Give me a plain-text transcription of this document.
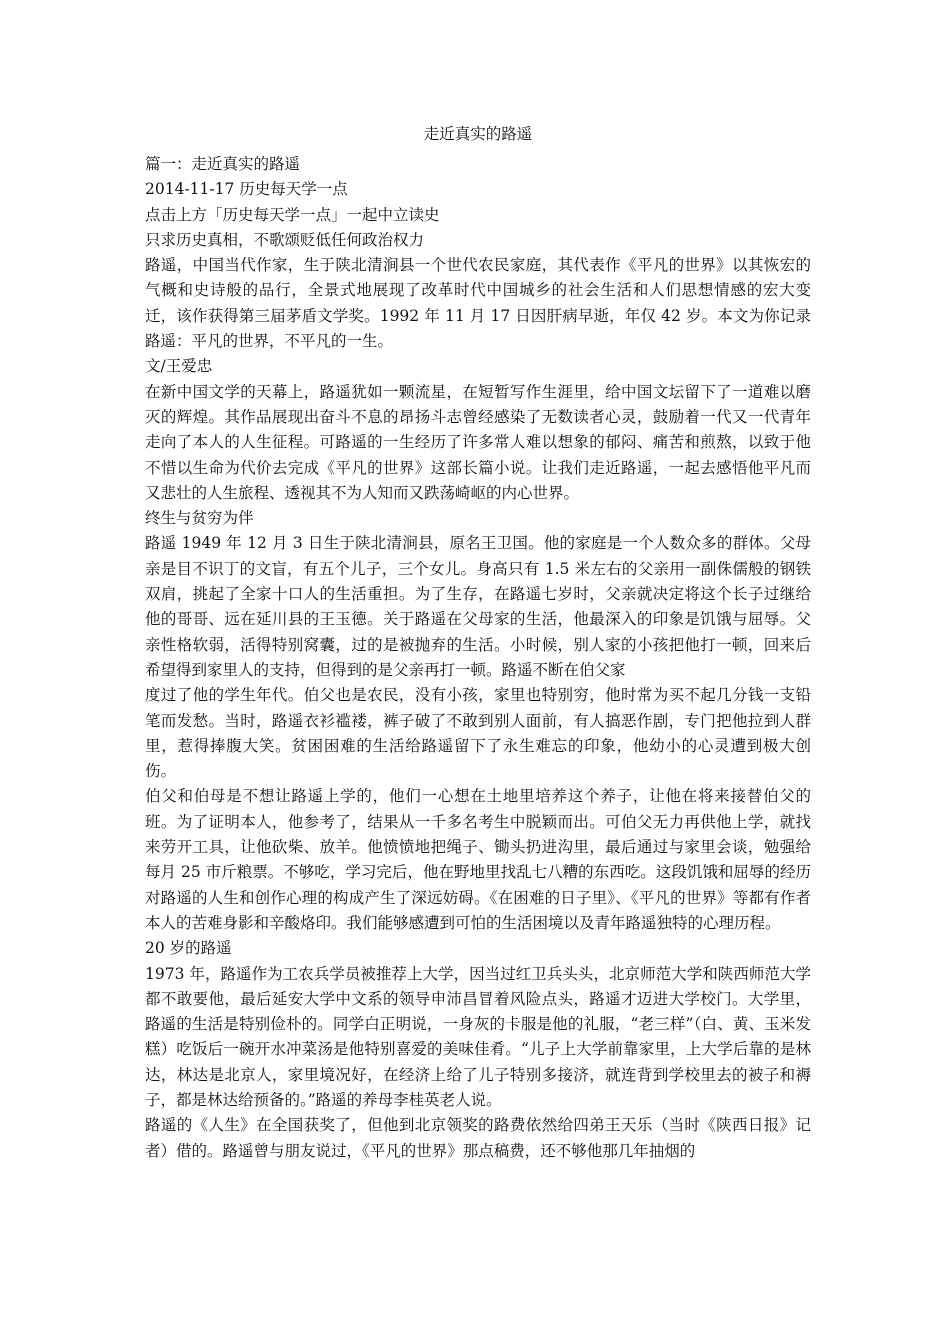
走近真实的路遥
篇一：走近真实的路遥
2014-11-17 历史每天学一点
点击上方「历史每天学一点」一起中立读史
只求历史真相，不歌颂贬低任何政治权力
路遥，中国当代作家，生于陕北清涧县一个世代农民家庭，其代表作《平凡的世界》以其恢宏的气概和史诗般的品行，全景式地展现了改革时代中国城乡的社会生活和人们思想情感的宏大变迁，该作获得第三届茅盾文学奖。1992 年 11 月 17 日因肝病早逝，年仅 42 岁。本文为你记录路遥：平凡的世界，不平凡的一生。
文/王爱忠
在新中国文学的天幕上，路遥犹如一颗流星，在短暂写作生涯里，给中国文坛留下了一道难以磨灭的辉煌。其作品展现出奋斗不息的昂扬斗志曾经感染了无数读者心灵，鼓励着一代又一代青年走向了本人的人生征程。可路遥的一生经历了许多常人难以想象的郁闷、痛苦和煎熬，以致于他不惜以生命为代价去完成《平凡的世界》这部长篇小说。让我们走近路遥，一起去感悟他平凡而又悲壮的人生旅程、透视其不为人知而又跌荡崎岖的内心世界。
终生与贫穷为伴
路遥 1949 年 12 月 3 日生于陕北清涧县，原名王卫国。他的家庭是一个人数众多的群体。父母亲是目不识丁的文盲，有五个儿子，三个女儿。身高只有 1.5 米左右的父亲用一副侏儒般的钢铁双肩，挑起了全家十口人的生活重担。为了生存，在路遥七岁时，父亲就决定将这个长子过继给他的哥哥、远在延川县的王玉德。关于路遥在父母家的生活，他最深入的印象是饥饿与屈辱。父亲性格软弱，活得特别窝囊，过的是被抛弃的生活。小时候，别人家的小孩把他打一顿，回来后希望得到家里人的支持，但得到的是父亲再打一顿。路遥不断在伯父家
度过了他的学生年代。伯父也是农民，没有小孩，家里也特别穷，他时常为买不起几分钱一支铅笔而发愁。当时，路遥衣衫褴褛，裤子破了不敢到别人面前，有人搞恶作剧，专门把他拉到人群里，惹得捧腹大笑。贫困困难的生活给路遥留下了永生难忘的印象，他幼小的心灵遭到极大创伤。
伯父和伯母是不想让路遥上学的，他们一心想在土地里培养这个养子，让他在将来接替伯父的班。为了证明本人，他参考了，结果从一千多名考生中脱颖而出。可伯父无力再供他上学，就找来劳开工具，让他砍柴、放羊。他愤愤地把绳子、锄头扔进沟里，最后通过与家里会谈，勉强给每月 25 市斤粮票。不够吃，学习完后，他在野地里找乱七八糟的东西吃。这段饥饿和屈辱的经历对路遥的人生和创作心理的构成产生了深远妨碍。《在困难的日子里》、《平凡的世界》等都有作者本人的苦难身影和辛酸烙印。我们能够感遭到可怕的生活困境以及青年路遥独特的心理历程。
20 岁的路遥
1973 年，路遥作为工农兵学员被推荐上大学，因当过红卫兵头头，北京师范大学和陕西师范大学都不敢要他，最后延安大学中文系的领导申沛昌冒着风险点头，路遥才迈进大学校门。大学里，路遥的生活是特别俭朴的。同学白正明说，一身灰的卡服是他的礼服，“老三样”（白、黄、玉米发糕）吃饭后一碗开水冲菜汤是他特别喜爱的美味佳肴。“儿子上大学前靠家里，上大学后靠的是林达，林达是北京人，家里境况好，在经济上给了儿子特别多接济，就连背到学校里去的被子和褥子，都是林达给预备的。”路遥的养母李桂英老人说。
路遥的《人生》在全国获奖了，但他到北京领奖的路费依然给四弟王天乐（当时《陕西日报》记者）借的。路遥曾与朋友说过，《平凡的世界》那点稿费，还不够他那几年抽烟的
